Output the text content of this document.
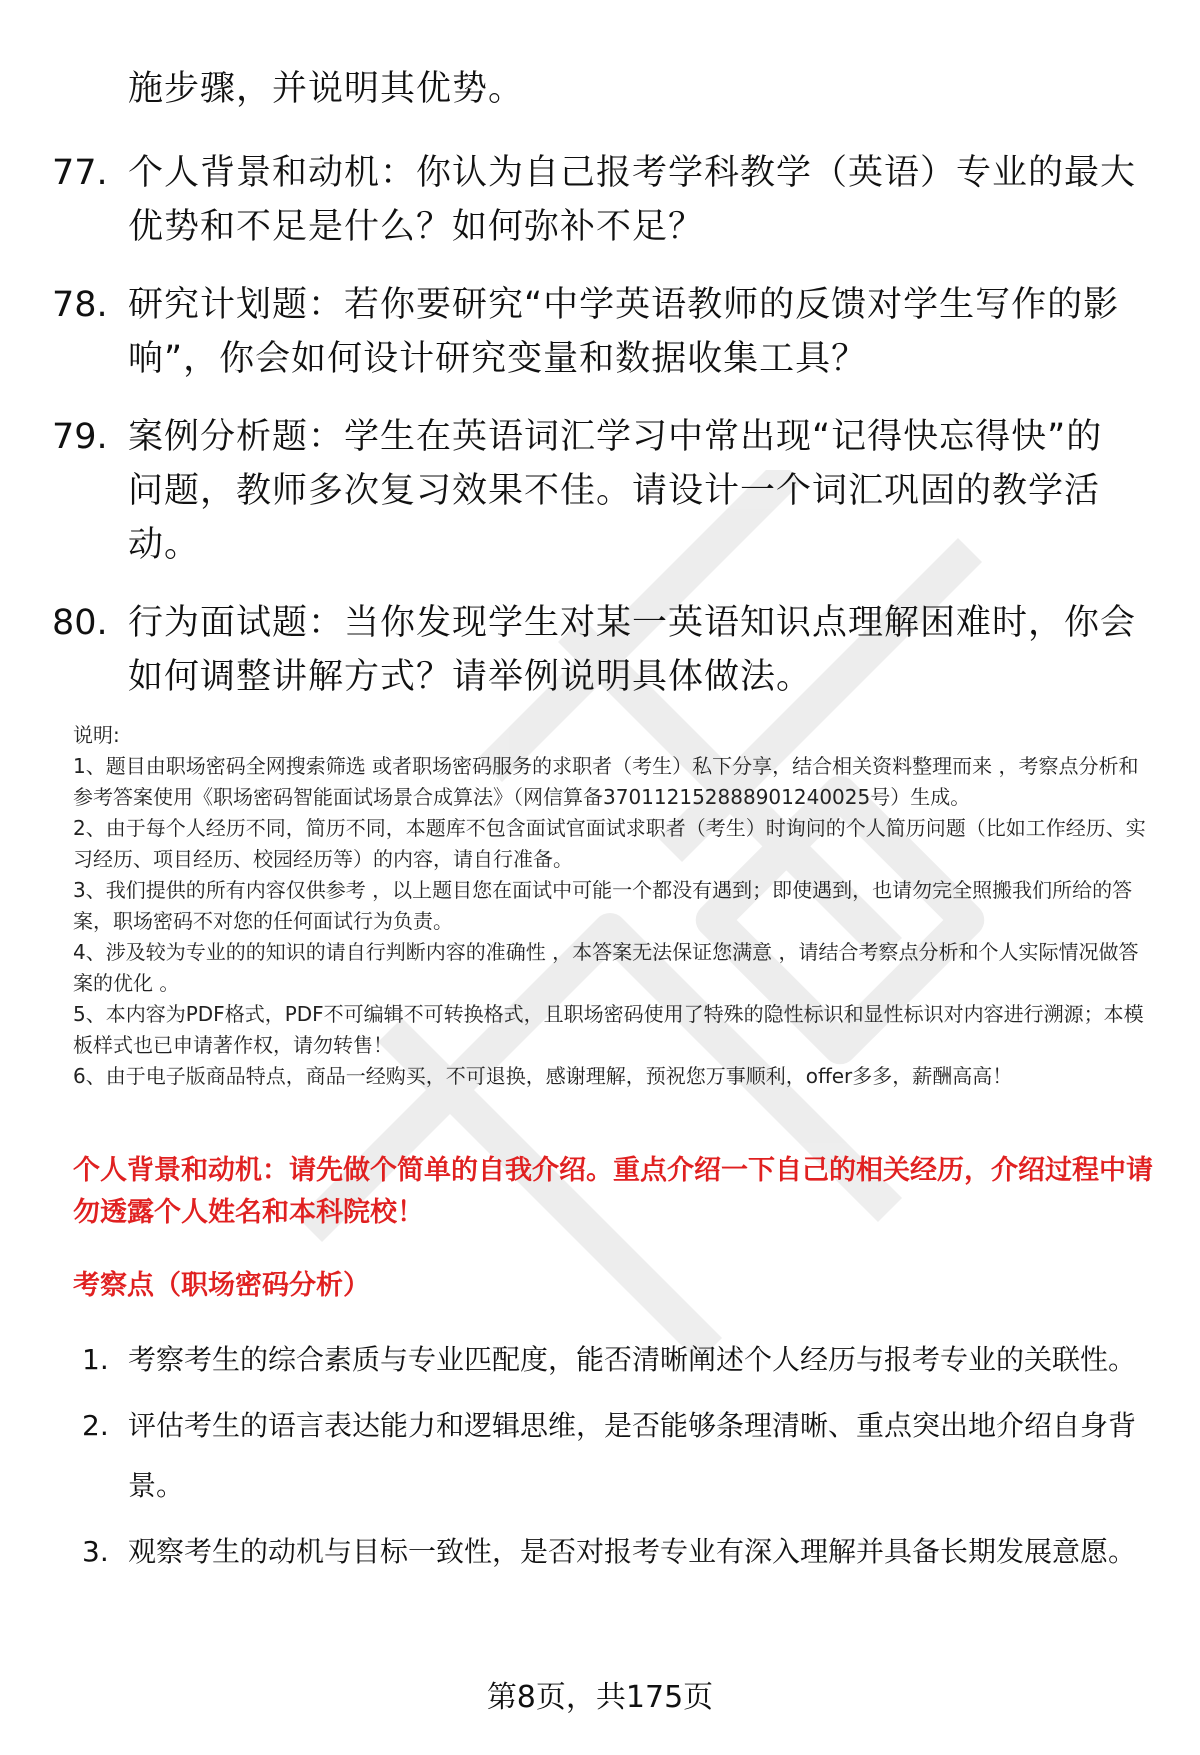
施步骤，并说明其优势。
77. 个人背景和动机：你认为自己报考学科教学（英语）专业的最大优势和不足是什么？如何弥补不足？
78. 研究计划题：若你要研究“中学英语教师的反馈对学生写作的影响”，你会如何设计研究变量和数据收集工具？
79. 案例分析题：学生在英语词汇学习中常出现“记得快忘得快”的问题，教师多次复习效果不佳。请设计一个词汇巩固的教学活动。
80. 行为面试题：当你发现学生对某一英语知识点理解困难时，你会如何调整讲解方式？请举例说明具体做法。
说明:
1、题目由职场密码全网搜索筛选 或者职场密码服务的求职者（考生）私下分享，结合相关资料整理而来 ，考察点分析和参考答案使用《职场密码智能面试场景合成算法》（网信算备370112152888901240025号）生成。
2、由于每个人经历不同，简历不同，本题库不包含面试官面试求职者（考生）时询问的个人简历问题（比如工作经历、实习经历、项目经历、校园经历等）的内容，请自行准备。
3、我们提供的所有内容仅供参考 ，以上题目您在面试中可能一个都没有遇到；即使遇到，也请勿完全照搬我们所给的答案，职场密码不对您的任何面试行为负责。
4、涉及较为专业的的知识的请自行判断内容的准确性 ，本答案无法保证您满意 ，请结合考察点分析和个人实际情况做答案的优化 。
5、本内容为PDF格式，PDF不可编辑不可转换格式，且职场密码使用了特殊的隐性标识和显性标识对内容进行溯源；本模板样式也已申请著作权，请勿转售！
6、由于电子版商品特点，商品一经购买，不可退换，感谢理解，预祝您万事顺利，offer多多，薪酬高高！
个人背景和动机：请先做个简单的自我介绍。重点介绍一下自己的相关经历，介绍过程中请勿透露个人姓名和本科院校！
考察点（职场密码分析）
1. 考察考生的综合素质与专业匹配度，能否清晰阐述个人经历与报考专业的关联性。
2. 评估考生的语言表达能力和逻辑思维，是否能够条理清晰、重点突出地介绍自身背景。
3. 观察考生的动机与目标一致性，是否对报考专业有深入理解并具备长期发展意愿。
第8页，共175页
